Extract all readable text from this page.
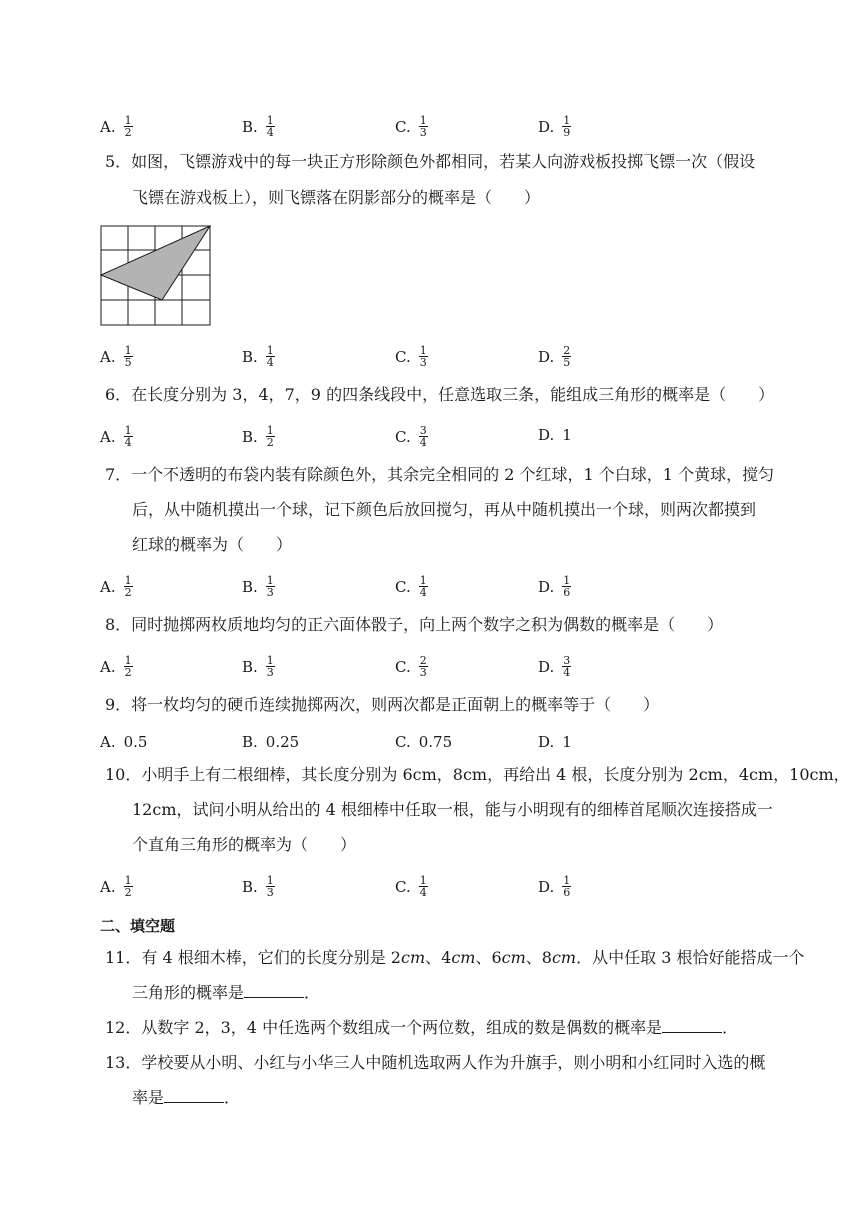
A. $\frac{1}{2}$	B. $\frac{1}{4}$	C. $\frac{1}{3}$	D. $\frac{1}{9}$
5．如图，飞镖游戏中的每一块正方形除颜色外都相同，若某人向游戏板投掷飞镖一次（假设
飞镖在游戏板上），则飞镖落在阴影部分的概率是（　　）
A. $\frac{1}{5}$	B. $\frac{1}{4}$	C. $\frac{1}{3}$	D. $\frac{2}{5}$
6．在长度分别为 3，4，7，9 的四条线段中，任意选取三条，能组成三角形的概率是（　　）
A. $\frac{1}{4}$	B. $\frac{1}{2}$	C. $\frac{3}{4}$	D. 1
7．一个不透明的布袋内装有除颜色外，其余完全相同的 2 个红球，1 个白球，1 个黄球，搅匀
后，从中随机摸出一个球，记下颜色后放回搅匀，再从中随机摸出一个球，则两次都摸到
红球的概率为（　　）
A. $\frac{1}{2}$	B. $\frac{1}{3}$	C. $\frac{1}{4}$	D. $\frac{1}{6}$
8．同时抛掷两枚质地均匀的正六面体骰子，向上两个数字之积为偶数的概率是（　　）
A. $\frac{1}{2}$	B. $\frac{1}{3}$	C. $\frac{2}{3}$	D. $\frac{3}{4}$
9．将一枚均匀的硬币连续抛掷两次，则两次都是正面朝上的概率等于（　　）
A. 0.5	B. 0.25	C. 0.75	D. 1
10．小明手上有二根细棒，其长度分别为 6cm，8cm，再给出 4 根，长度分别为 2cm，4cm，10cm，
12cm，试问小明从给出的 4 根细棒中任取一根，能与小明现有的细棒首尾顺次连接搭成一
个直角三角形的概率为（　　）
A. $\frac{1}{2}$	B. $\frac{1}{3}$	C. $\frac{1}{4}$	D. $\frac{1}{6}$
二、填空题
11．有 4 根细木棒，它们的长度分别是 2cm、4cm、6cm、8cm．从中任取 3 根恰好能搭成一个
三角形的概率是	．
12．从数字 2，3，4 中任选两个数组成一个两位数，组成的数是偶数的概率是	．
13．学校要从小明、小红与小华三人中随机选取两人作为升旗手，则小明和小红同时入选的概
率是	．
